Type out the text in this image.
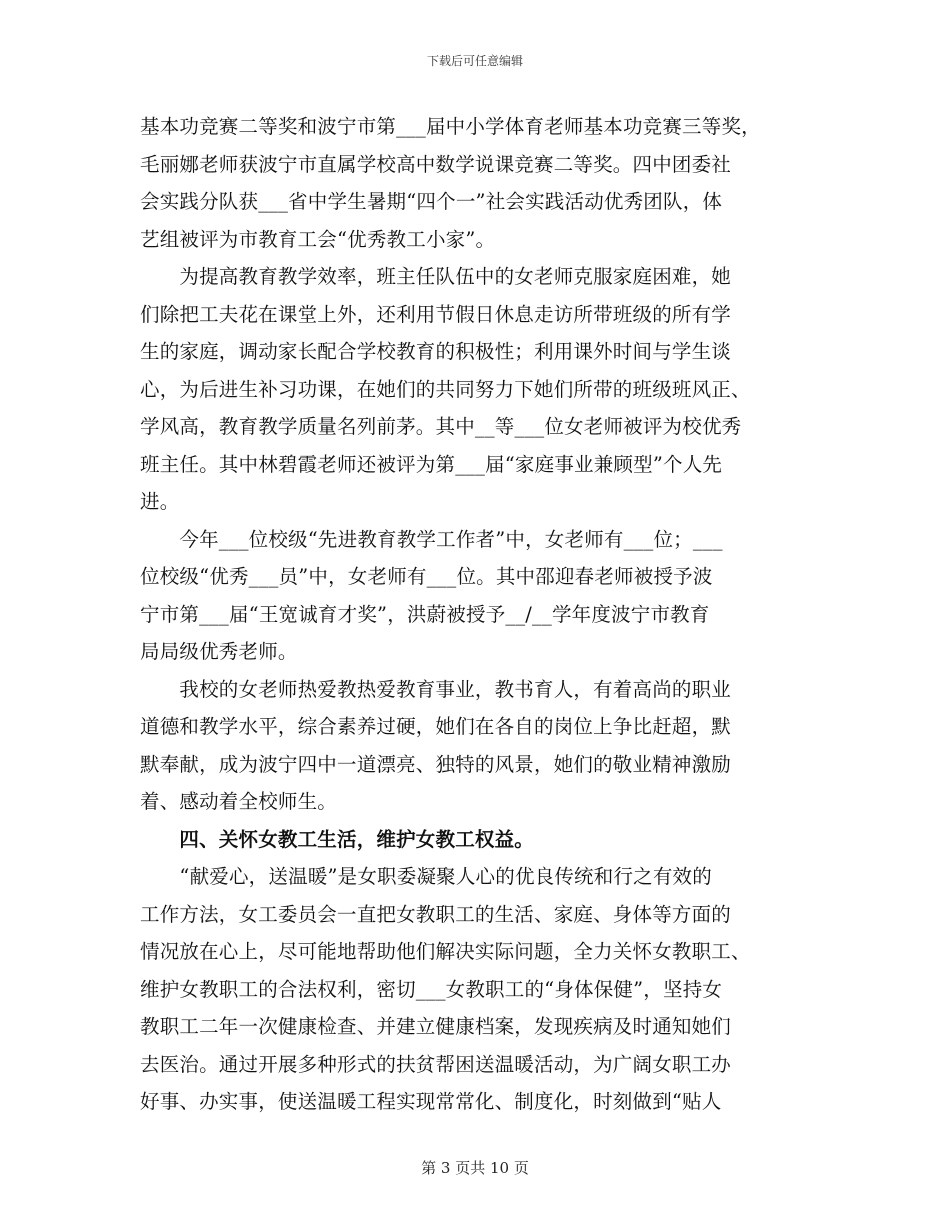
下载后可任意编辑
基本功竞赛二等奖和波宁市第___届中小学体育老师基本功竞赛三等奖，
毛丽娜老师获波宁市直属学校高中数学说课竞赛二等奖。四中团委社
会实践分队获___省中学生暑期“四个一”社会实践活动优秀团队，体
艺组被评为市教育工会“优秀教工小家”。
　　为提高教育教学效率，班主任队伍中的女老师克服家庭困难，她
们除把工夫花在课堂上外，还利用节假日休息走访所带班级的所有学
生的家庭，调动家长配合学校教育的积极性；利用课外时间与学生谈
心，为后进生补习功课，在她们的共同努力下她们所带的班级班风正、
学风高，教育教学质量名列前茅。其中__等___位女老师被评为校优秀
班主任。其中林碧霞老师还被评为第___届“家庭事业兼顾型”个人先
进。
　　今年___位校级“先进教育教学工作者”中，女老师有___位；___
位校级“优秀___员”中，女老师有___位。其中邵迎春老师被授予波
宁市第___届“王宽诚育才奖”，洪蔚被授予__/__学年度波宁市教育
局局级优秀老师。
　　我校的女老师热爱教热爱教育事业，教书育人，有着高尚的职业
道德和教学水平，综合素养过硬，她们在各自的岗位上争比赶超，默
默奉献，成为波宁四中一道漂亮、独特的风景，她们的敬业精神激励
着、感动着全校师生。
　　四、关怀女教工生活，维护女教工权益。
　　“献爱心，送温暖”是女职委凝聚人心的优良传统和行之有效的
工作方法，女工委员会一直把女教职工的生活、家庭、身体等方面的
情况放在心上，尽可能地帮助他们解决实际问题，全力关怀女教职工、
维护女教职工的合法权利，密切___女教职工的“身体保健”，坚持女
教职工二年一次健康检查、并建立健康档案，发现疾病及时通知她们
去医治。通过开展多种形式的扶贫帮困送温暖活动，为广阔女职工办
好事、办实事，使送温暖工程实现常常化、制度化，时刻做到“贴人
第 3 页共 10 页
